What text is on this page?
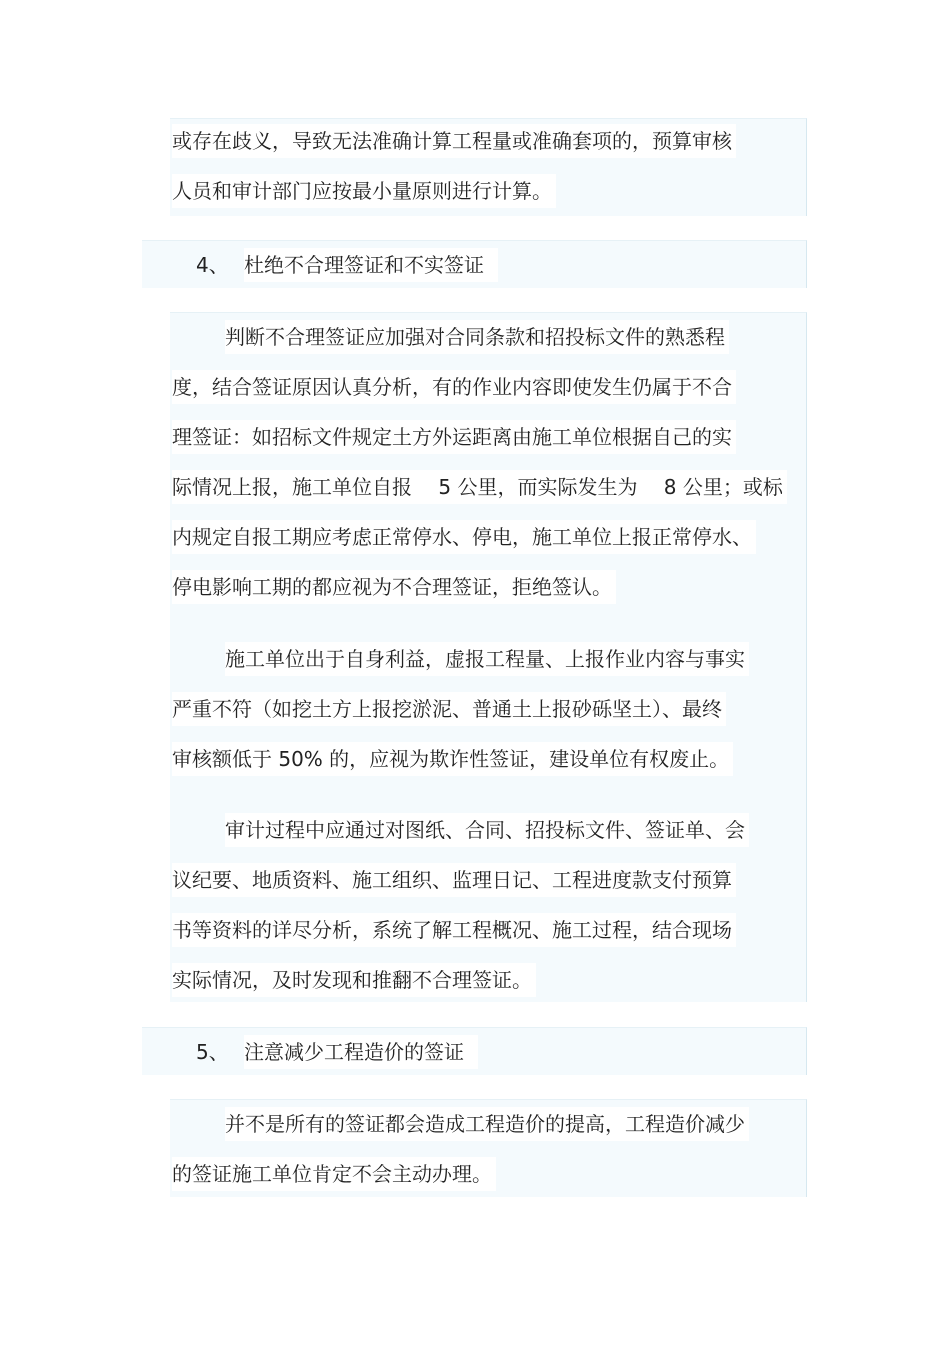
或存在歧义，导致无法准确计算工程量或准确套项的，预算审核
人员和审计部门应按最小量原则进行计算。
4、 杜绝不合理签证和不实签证
判断不合理签证应加强对合同条款和招投标文件的熟悉程
度，结合签证原因认真分析，有的作业内容即使发生仍属于不合
理签证：如招标文件规定土方外运距离由施工单位根据自己的实
际情况上报，施工单位自报 　5 公里，而实际发生为 　8 公里；或标
内规定自报工期应考虑正常停水、停电，施工单位上报正常停水、
停电影响工期的都应视为不合理签证，拒绝签认。
施工单位出于自身利益，虚报工程量、上报作业内容与事实
严重不符（如挖土方上报挖淤泥、普通土上报砂砾坚土）、最终
审核额低于 50% 的，应视为欺诈性签证，建设单位有权废止。
审计过程中应通过对图纸、合同、招投标文件、签证单、会
议纪要、地质资料、施工组织、监理日记、工程进度款支付预算
书等资料的详尽分析，系统了解工程概况、施工过程，结合现场
实际情况，及时发现和推翻不合理签证。
5、 注意减少工程造价的签证
并不是所有的签证都会造成工程造价的提高，工程造价减少
的签证施工单位肯定不会主动办理。
